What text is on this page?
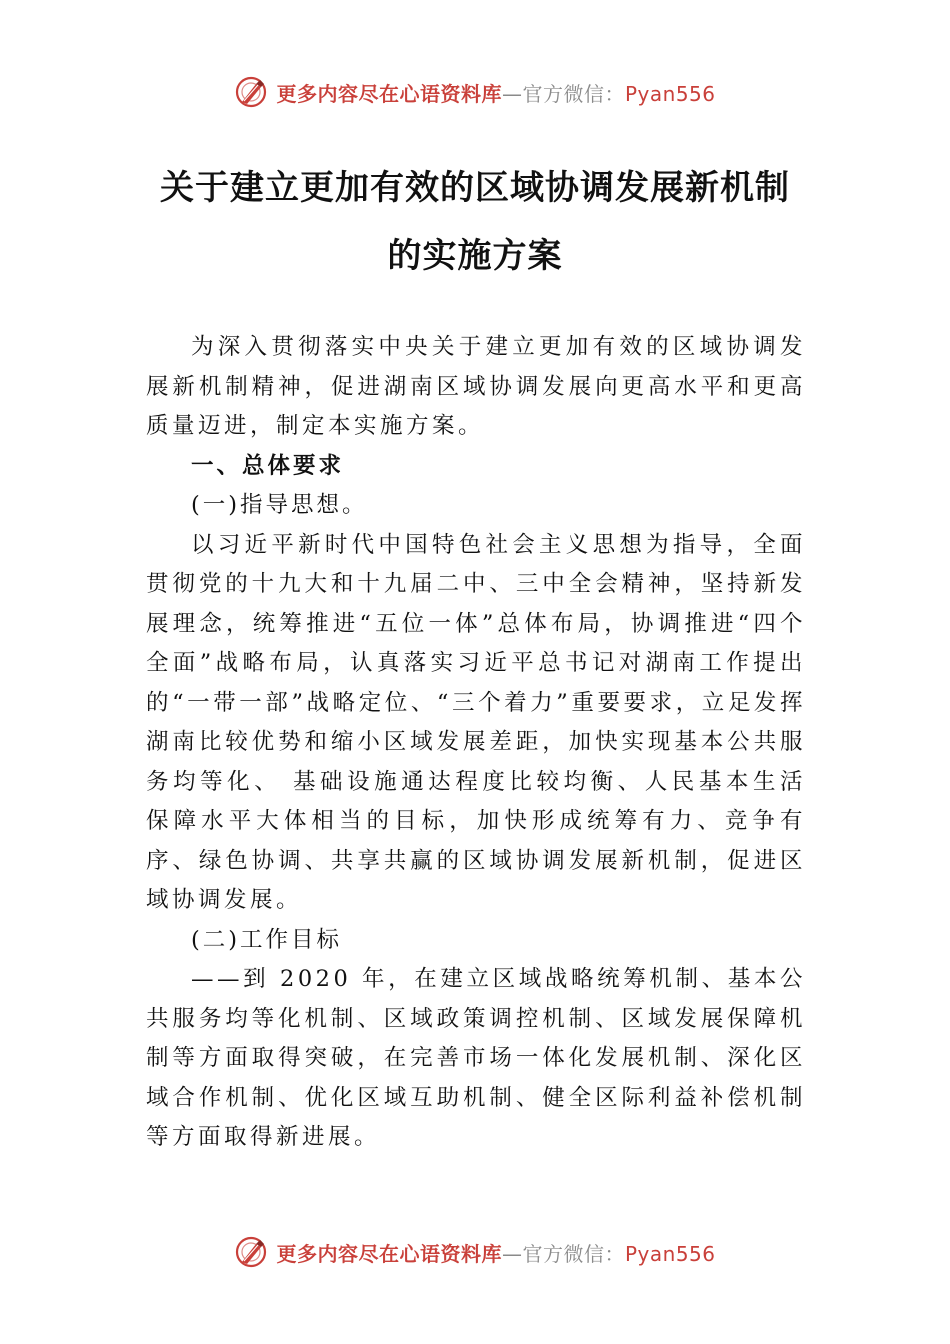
更多内容尽在心语资料库—官方微信：Pyan556
关于建立更加有效的区域协调发展新机制
的实施方案

为深入贯彻落实中央关于建立更加有效的区域协调发展新机制精神，促进湖南区域协调发展向更高水平和更高质量迈进，制定本实施方案。

一、总体要求

(一)指导思想。

以习近平新时代中国特色社会主义思想为指导，全面贯彻党的十九大和十九届二中、三中全会精神，坚持新发展理念，统筹推进“五位一体”总体布局，协调推进“四个全面”战略布局，认真落实习近平总书记对湖南工作提出的“一带一部”战略定位、“三个着力”重要要求，立足发挥湖南比较优势和缩小区域发展差距，加快实现基本公共服务均等化、 基础设施通达程度比较均衡、人民基本生活保障水平大体相当的目标，加快形成统筹有力、竞争有序、绿色协调、共享共赢的区域协调发展新机制，促进区域协调发展。

(二)工作目标

——到 2020 年，在建立区域战略统筹机制、基本公共服务均等化机制、区域政策调控机制、区域发展保障机制等方面取得突破，在完善市场一体化发展机制、深化区域合作机制、优化区域互助机制、健全区际利益补偿机制等方面取得新进展。

更多内容尽在心语资料库—官方微信：Pyan556
